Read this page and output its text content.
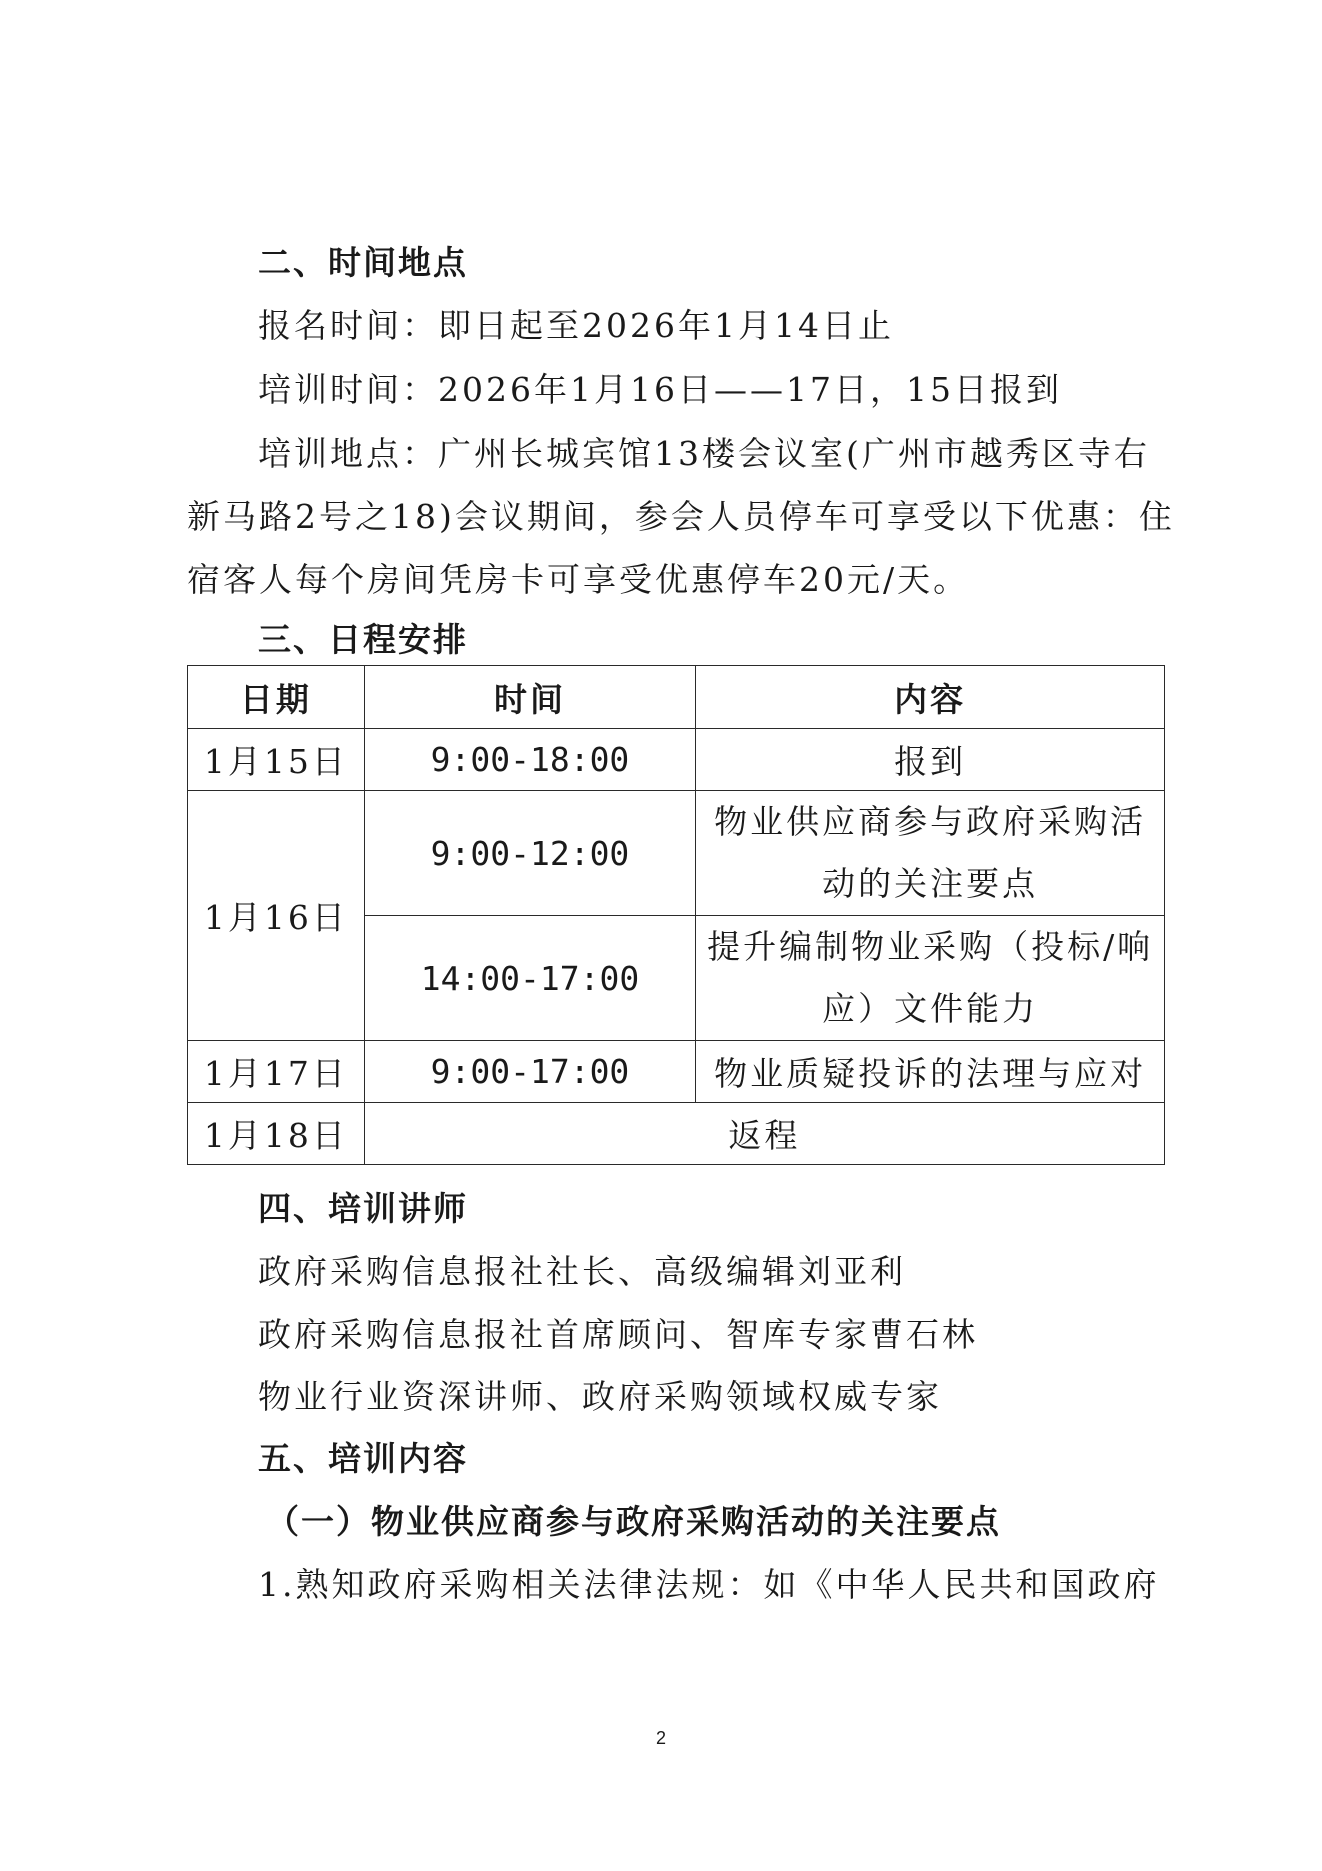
二、时间地点
报名时间：即日起至2026年1月14日止
培训时间：2026年1月16日——17日，15日报到
培训地点：广州长城宾馆13楼会议室(广州市越秀区寺右
新马路2号之18)会议期间，参会人员停车可享受以下优惠：住
宿客人每个房间凭房卡可享受优惠停车20元/天。
三、日程安排
日期	时间	内容
1月15日	9:00-18:00	报到
1月16日	9:00-12:00	物业供应商参与政府采购活
动的关注要点

	14:00-17:00	提升编制物业采购（投标/响
应）文件能力

1月17日	9:00-17:00	物业质疑投诉的法理与应对
1月18日	返程	
四、培训讲师
政府采购信息报社社长、高级编辑刘亚利
政府采购信息报社首席顾问、智库专家曹石林
物业行业资深讲师、政府采购领域权威专家
五、培训内容
（一）物业供应商参与政府采购活动的关注要点
1.熟知政府采购相关法律法规：如《中华人民共和国政府
2
